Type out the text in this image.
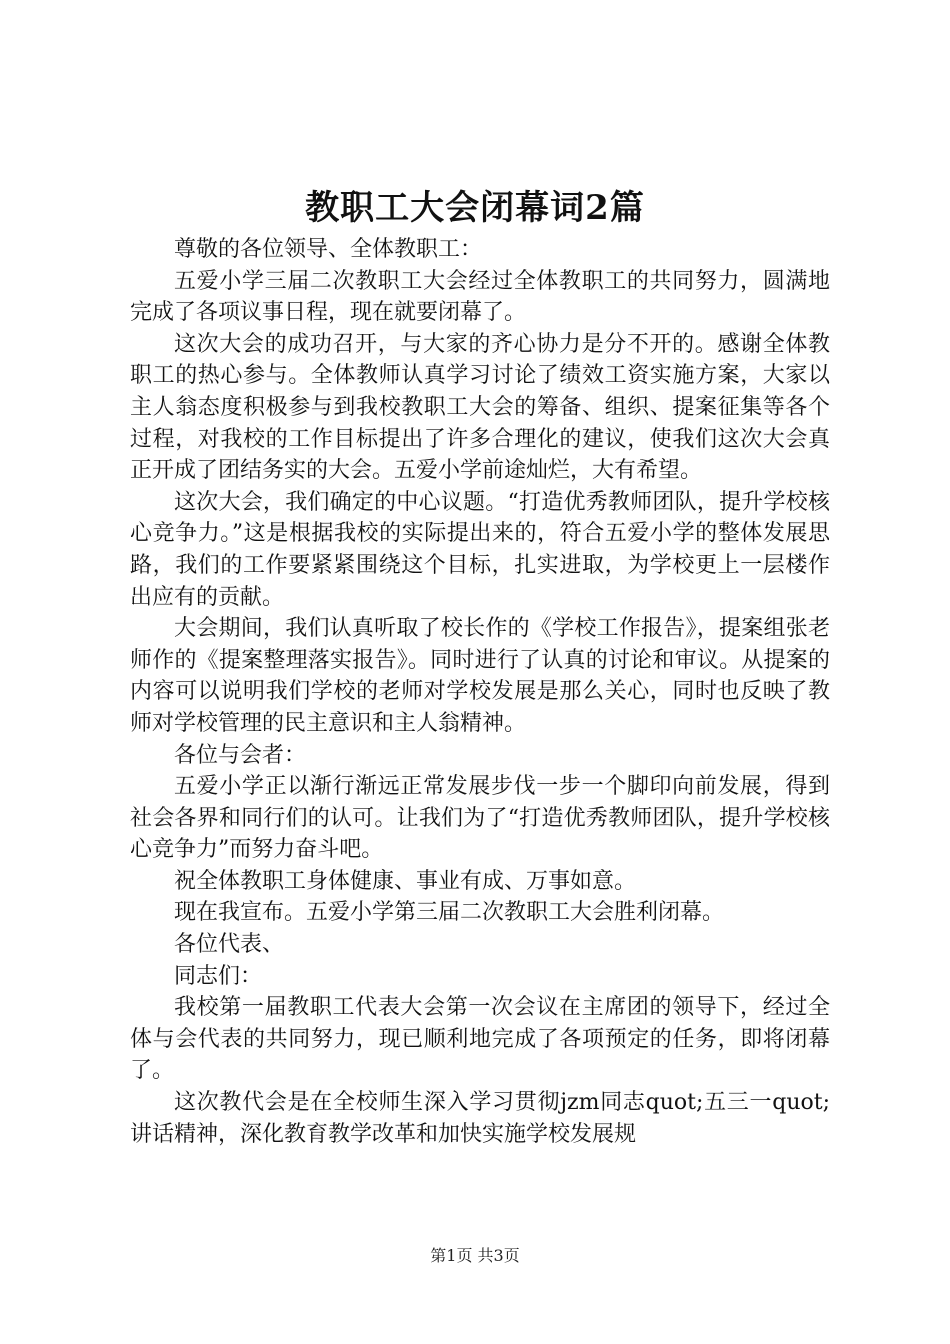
教职工大会闭幕词2篇

尊敬的各位领导、全体教职工：

五爱小学三届二次教职工大会经过全体教职工的共同努力，圆满地完成了各项议事日程，现在就要闭幕了。

这次大会的成功召开，与大家的齐心协力是分不开的。感谢全体教职工的热心参与。全体教师认真学习讨论了绩效工资实施方案，大家以主人翁态度积极参与到我校教职工大会的筹备、组织、提案征集等各个过程，对我校的工作目标提出了许多合理化的建议，使我们这次大会真正开成了团结务实的大会。五爱小学前途灿烂，大有希望。

这次大会，我们确定的中心议题。“打造优秀教师团队，提升学校核心竞争力。”这是根据我校的实际提出来的，符合五爱小学的整体发展思路，我们的工作要紧紧围绕这个目标，扎实进取，为学校更上一层楼作出应有的贡献。

大会期间，我们认真听取了校长作的《学校工作报告》，提案组张老师作的《提案整理落实报告》。同时进行了认真的讨论和审议。从提案的内容可以说明我们学校的老师对学校发展是那么关心，同时也反映了教师对学校管理的民主意识和主人翁精神。

各位与会者：

五爱小学正以渐行渐远正常发展步伐一步一个脚印向前发展，得到社会各界和同行们的认可。让我们为了“打造优秀教师团队，提升学校核心竞争力”而努力奋斗吧。

祝全体教职工身体健康、事业有成、万事如意。

现在我宣布。五爱小学第三届二次教职工大会胜利闭幕。

各位代表、

同志们：

我校第一届教职工代表大会第一次会议在主席团的领导下，经过全体与会代表的共同努力，现已顺利地完成了各项预定的任务，即将闭幕了。

这次教代会是在全校师生深入学习贯彻jzm同志quot;五三一quot;讲话精神，深化教育教学改革和加快实施学校发展规

第1页 共3页
